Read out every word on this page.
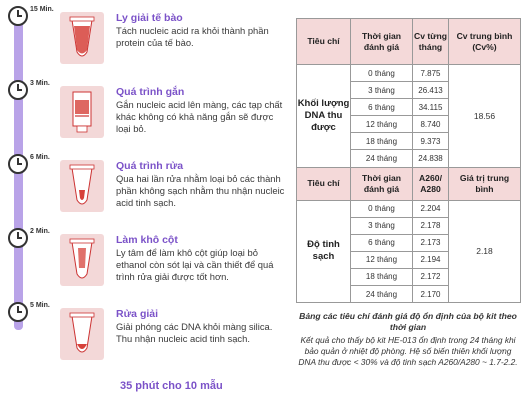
15 Min.
Ly giải tế bào
Tách nucleic acid ra khỏi thành phần protein của tế bào.
3 Min.
Quá trình gắn
Gắn nucleic acid lên màng, các tạp chất khác không có khả năng gắn sẽ được loại bỏ.
6 Min.
Quá trình rửa
Qua hai lần rửa nhằm loại bỏ các thành phần không sạch nhằm thu nhận nucleic acid tinh sạch.
2 Min.
Làm khô cột
Ly tâm để làm khô cột giúp loại bỏ ethanol còn sót lại và cần thiết để quá trình rửa giải được tốt hơn.
5 Min.
Rửa giải
Giải phóng các DNA khỏi màng silica. Thu nhận nucleic acid tinh sạch.
35 phút cho 10 mẫu
Tiêu chí	Thời gian đánh giá	Cv từng tháng	Cv trung bình (Cv%)
Khối lượng DNA thu được	0 tháng	7.875	18.56
	3 tháng	26.413	
	6 tháng	34.115	
	12 tháng	8.740	
	18 tháng	9.373	
	24 tháng	24.838	
Tiêu chí	Thời gian đánh giá	A260/ A280	Giá trị trung bình
Độ tinh sạch	0 tháng	2.204	2.18
	3 tháng	2.178	
	6 tháng	2.173	
	12 tháng	2.194	
	18 tháng	2.172	
	24 tháng	2.170	
Bảng các tiêu chí đánh giá độ ổn định của bộ kit theo thời gian
Kết quả cho thấy bộ kit HE-013 ổn định trong 24 tháng khi bảo quản ở nhiệt độ phòng. Hệ số biến thiên khối lượng DNA thu được < 30% và độ tinh sạch A260/A280 ~ 1.7-2.2.
